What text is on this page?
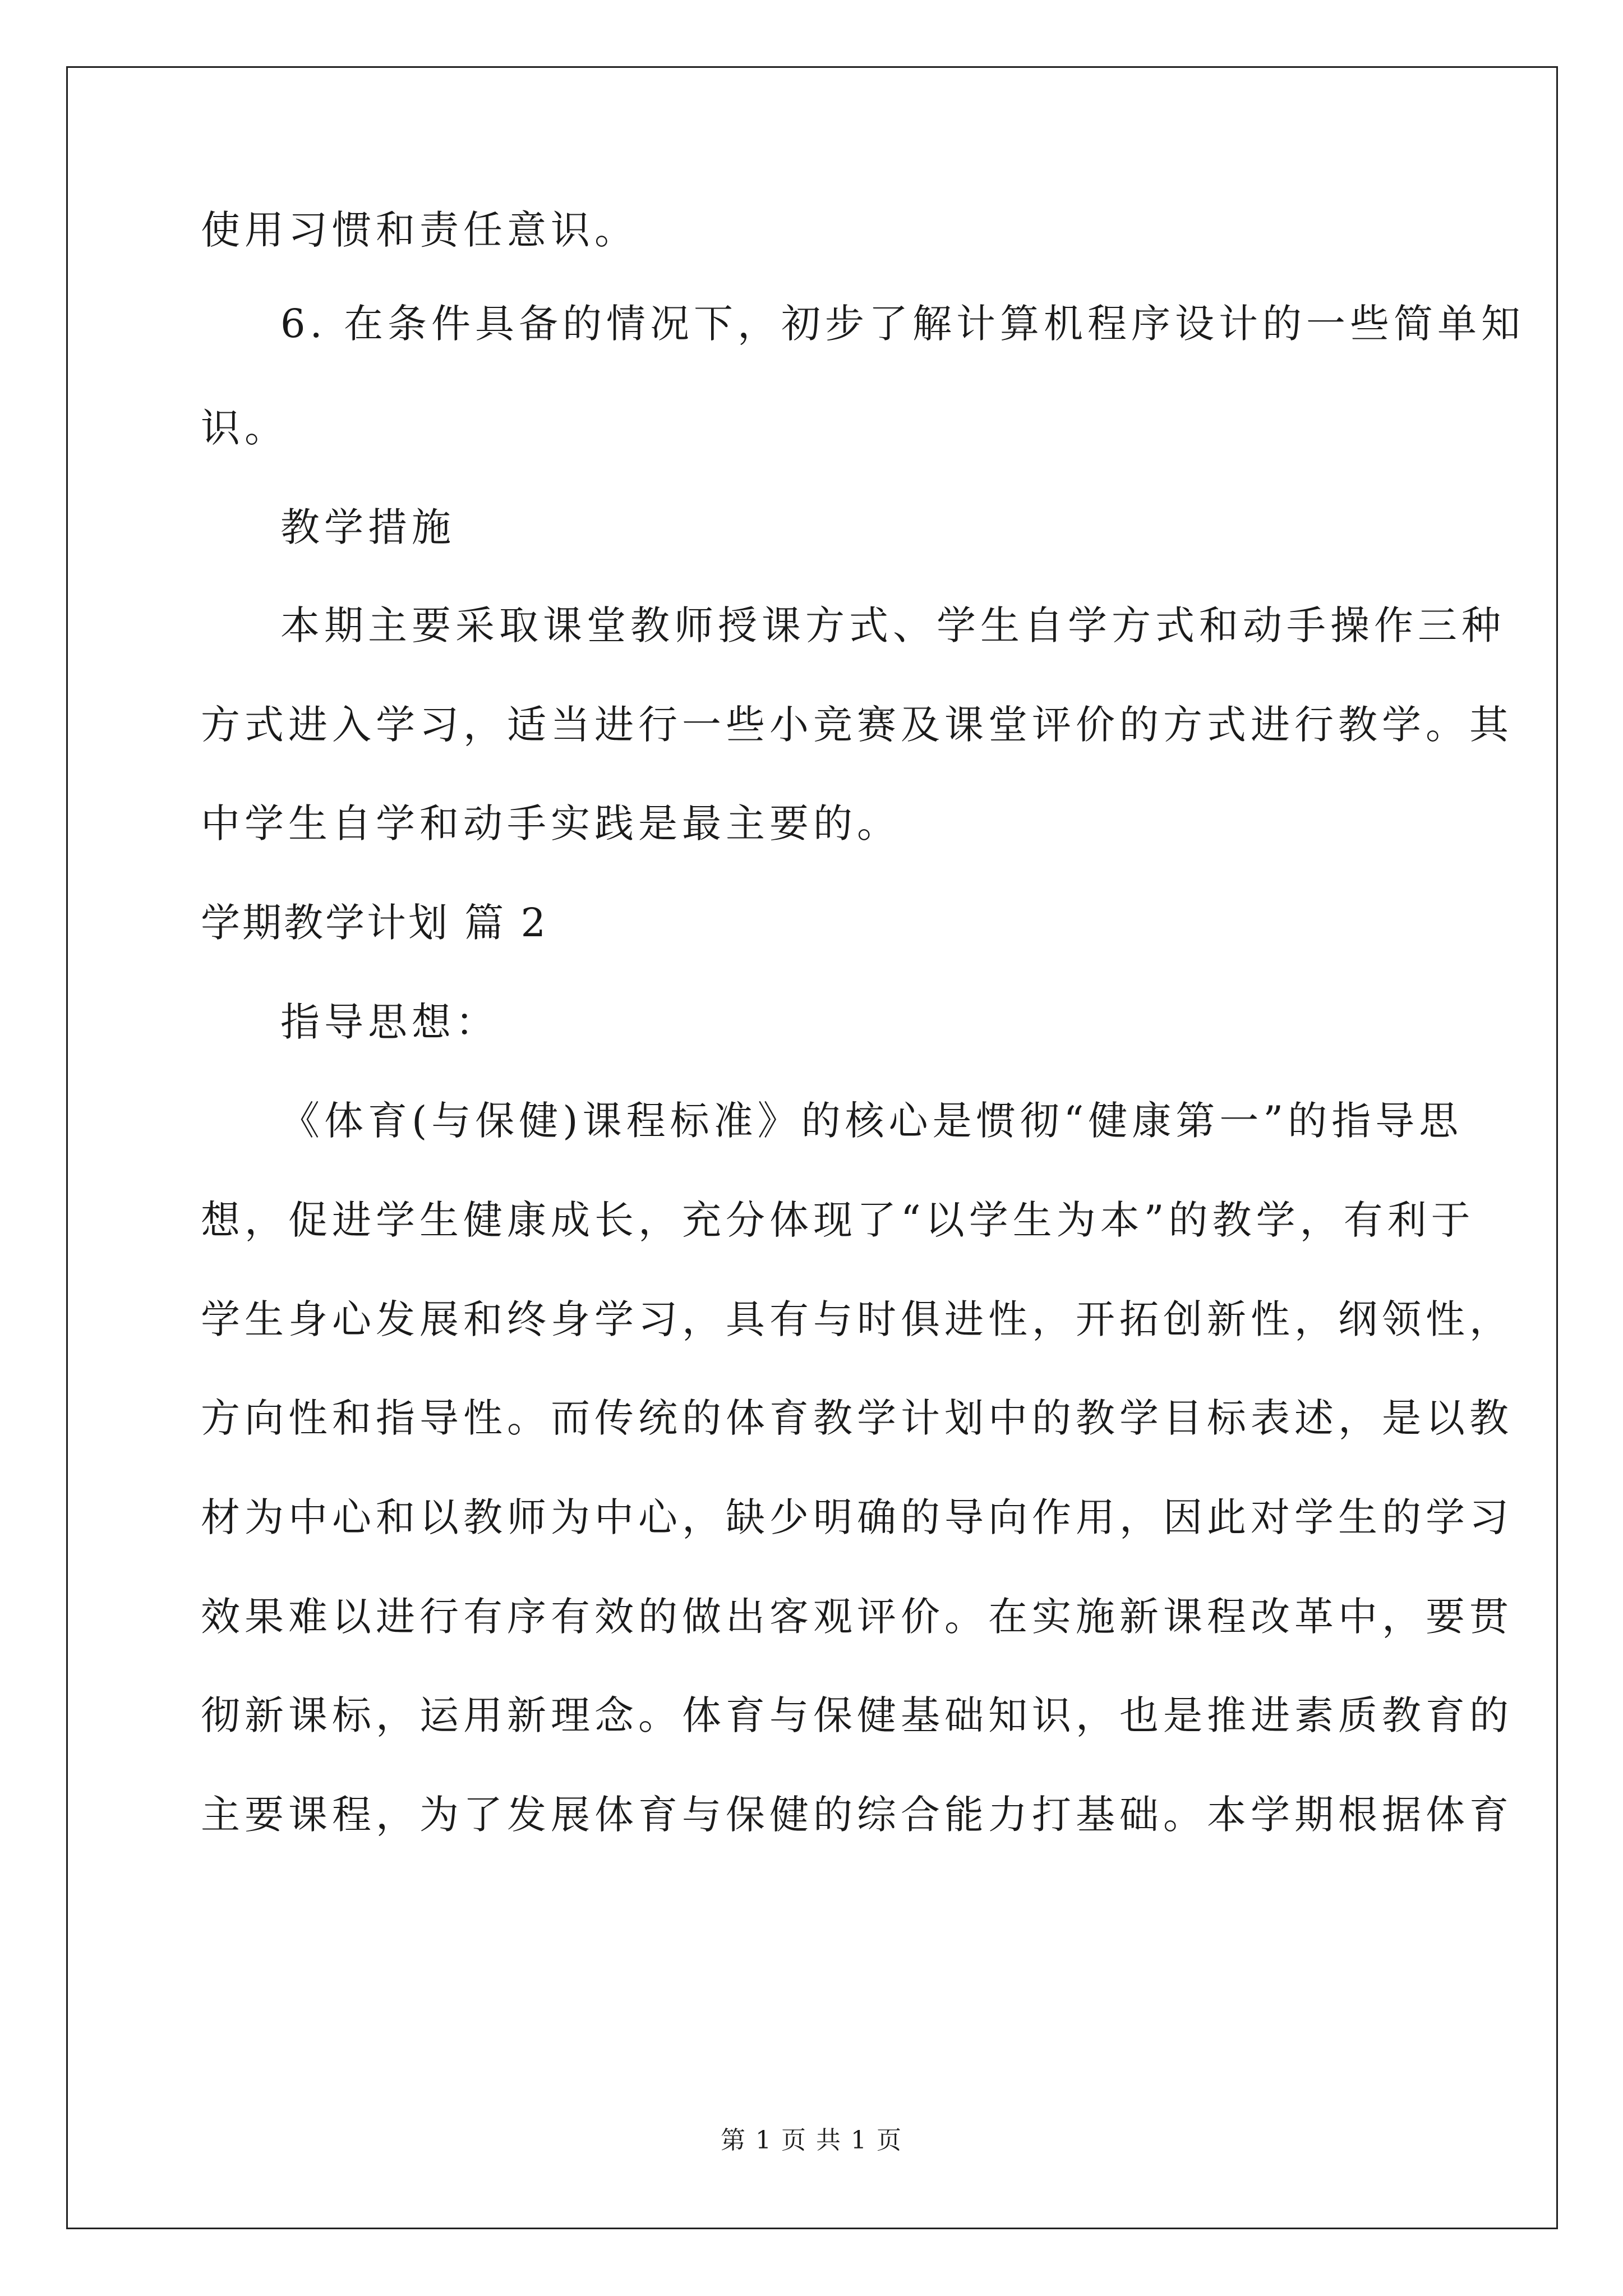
使用习惯和责任意识。
6. 在条件具备的情况下，初步了解计算机程序设计的一些简单知
识。
教学措施
本期主要采取课堂教师授课方式、学生自学方式和动手操作三种
方式进入学习，适当进行一些小竞赛及课堂评价的方式进行教学。其
中学生自学和动手实践是最主要的。
学期教学计划 篇 2
指导思想：
《体育(与保健)课程标准》的核心是惯彻“健康第一”的指导思
想，促进学生健康成长，充分体现了“以学生为本”的教学，有利于
学生身心发展和终身学习，具有与时俱进性，开拓创新性，纲领性，
方向性和指导性。而传统的体育教学计划中的教学目标表述，是以教
材为中心和以教师为中心，缺少明确的导向作用，因此对学生的学习
效果难以进行有序有效的做出客观评价。在实施新课程改革中，要贯
彻新课标，运用新理念。体育与保健基础知识，也是推进素质教育的
主要课程，为了发展体育与保健的综合能力打基础。本学期根据体育
第 1 页 共 1 页
